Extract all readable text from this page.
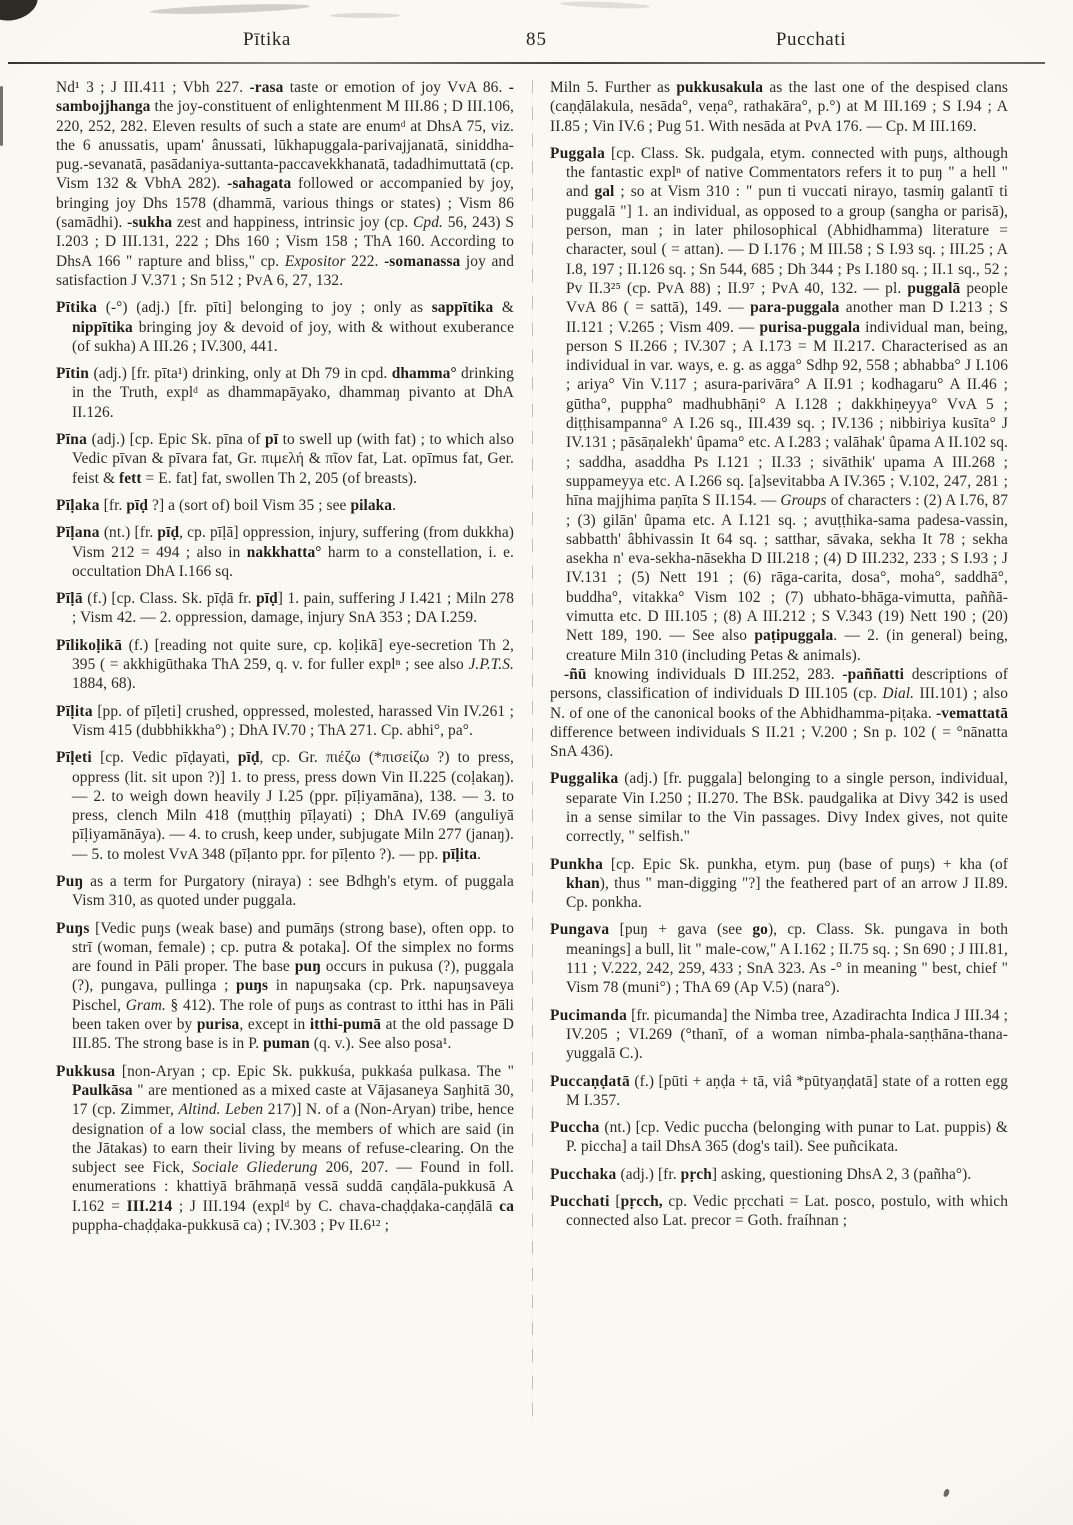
Pītika	85	Pucchati

Nd¹ 3 ; J III.411 ; Vbh 227. -rasa taste or emotion of joy VvA 86. -sambojjhanga the joy-constituent of enlightenment M III.86 ; D III.106, 220, 252, 282. Eleven results of such a state are enumᵈ at DhsA 75, viz. the 6 anussatis, upam' ânussati, lūkhapuggala-parivajjanatā, siniddha-pug.-sevanatā, pasādaniya-suttanta-paccavekkhanatā, tadadhimuttatā (cp. Vism 132 & VbhA 282). -sahagata followed or accompanied by joy, bringing joy Dhs 1578 (dhammā, various things or states) ; Vism 86 (samādhi). -sukha zest and happiness, intrinsic joy (cp. Cpd. 56, 243) S I.203 ; D III.131, 222 ; Dhs 160 ; Vism 158 ; ThA 160. According to DhsA 166 " rapture and bliss," cp. Expositor 222. -somanassa joy and satisfaction J V.371 ; Sn 512 ; PvA 6, 27, 132.

Pītika (-°) (adj.) [fr. pīti] belonging to joy ; only as sappītika & nippītika bringing joy & devoid of joy, with & without exuberance (of sukha) A III.26 ; IV.300, 441.

Pītin (adj.) [fr. pīta¹) drinking, only at Dh 79 in cpd. dhamma° drinking in the Truth, explᵈ as dhammapāyako, dhammaŋ pivanto at DhA II.126.

Pīna (adj.) [cp. Epic Sk. pīna of pī to swell up (with fat) ; to which also Vedic pīvan & pīvara fat, Gr. πιμελή & πῖον fat, Lat. opīmus fat, Ger. feist & fett = E. fat] fat, swollen Th 2, 205 (of breasts).

Pīḷaka [fr. pīḍ ?] a (sort of) boil Vism 35 ; see pilaka.

Pīḷana (nt.) [fr. pīḍ, cp. pīḷā] oppression, injury, suffering (from dukkha) Vism 212 = 494 ; also in nakkhatta° harm to a constellation, i. e. occultation DhA I.166 sq.

Pīḷā (f.) [cp. Class. Sk. pīḍā fr. pīḍ] 1. pain, suffering J I.421 ; Miln 278 ; Vism 42. — 2. oppression, damage, injury SnA 353 ; DA I.259.

Pīlikoḷikā (f.) [reading not quite sure, cp. koḷikā] eye-secretion Th 2, 395 ( = akkhigūthaka ThA 259, q. v. for fuller explⁿ ; see also J.P.T.S. 1884, 68).

Pīḷita [pp. of pīḷeti] crushed, oppressed, molested, harassed Vin IV.261 ; Vism 415 (dubbhikkha°) ; DhA IV.70 ; ThA 271. Cp. abhi°, pa°.

Pīḷeti [cp. Vedic pīḍayati, pīḍ, cp. Gr. πιέζω (*πισείζω ?) to press, oppress (lit. sit upon ?)] 1. to press, press down Vin II.225 (coḷakaŋ). — 2. to weigh down heavily J I.25 (ppr. pīḷiyamāna), 138. — 3. to press, clench Miln 418 (muṭṭhiŋ pīḷayati) ; DhA IV.69 (anguliyā pīḷiyamānāya). — 4. to crush, keep under, subjugate Miln 277 (janaŋ). — 5. to molest VvA 348 (pīḷanto ppr. for pīḷento ?). — pp. pīḷita.

Puŋ as a term for Purgatory (niraya) : see Bdhgh's etym. of puggala Vism 310, as quoted under puggala.

Puŋs [Vedic puŋs (weak base) and pumāŋs (strong base), often opp. to strī (woman, female) ; cp. putra & potaka]. Of the simplex no forms are found in Pāli proper. The base puŋ occurs in pukusa (?), puggala (?), pungava, pullinga ; puŋs in napuŋsaka (cp. Prk. napuŋsaveya Pischel, Gram. § 412). The role of puŋs as contrast to itthi has in Pāli been taken over by purisa, except in itthi-pumā at the old passage D III.85. The strong base is in P. puman (q. v.). See also posa¹.

Pukkusa [non-Aryan ; cp. Epic Sk. pukkuśa, pukkaśa pulkasa. The " Paulkāsa " are mentioned as a mixed caste at Vājasaneya Saŋhitā 30, 17 (cp. Zimmer, Altind. Leben 217)] N. of a (Non-Aryan) tribe, hence designation of a low social class, the members of which are said (in the Jātakas) to earn their living by means of refuse-clearing. On the subject see Fick, Sociale Gliederung 206, 207. — Found in foll. enumerations : khattiyā brāhmaṇā vessā suddā caṇḍāla-pukkusā A I.162 = III.214 ; J III.194 (explᵈ by C. chava-chaḍḍaka-caṇḍālā ca puppha-chaḍḍaka-pukkusā ca) ; IV.303 ; Pv II.6¹² ;

Miln 5. Further as pukkusakula as the last one of the despised clans (caṇḍālakula, nesāda°, veṇa°, rathakāra°, p.°) at M III.169 ; S I.94 ; A II.85 ; Vin IV.6 ; Pug 51. With nesāda at PvA 176. — Cp. M III.169.

Puggala [cp. Class. Sk. pudgala, etym. connected with puŋs, although the fantastic explⁿ of native Commentators refers it to puŋ " a hell " and gal ; so at Vism 310 : " pun ti vuccati nirayo, tasmiŋ galantī ti puggalā "] 1. an individual, as opposed to a group (sangha or parisā), person, man ; in later philosophical (Abhidhamma) literature = character, soul ( = attan). — D I.176 ; M III.58 ; S I.93 sq. ; III.25 ; A I.8, 197 ; II.126 sq. ; Sn 544, 685 ; Dh 344 ; Ps I.180 sq. ; II.1 sq., 52 ; Pv II.3²⁵ (cp. PvA 88) ; II.9⁷ ; PvA 40, 132. — pl. puggalā people VvA 86 ( = sattā), 149. — para-puggala another man D I.213 ; S II.121 ; V.265 ; Vism 409. — purisa-puggala individual man, being, person S II.266 ; IV.307 ; A I.173 = M II.217. Characterised as an individual in var. ways, e. g. as agga° Sdhp 92, 558 ; abhabba° J I.106 ; ariya° Vin V.117 ; asura-parivāra° A II.91 ; kodhagaru° A II.46 ; gūtha°, puppha° madhubhāṇi° A I.128 ; dakkhiṇeyya° VvA 5 ; diṭṭhisampanna° A I.26 sq., III.439 sq. ; IV.136 ; nibbiriya kusīta° J IV.131 ; pāsāṇalekh' ûpama° etc. A I.283 ; valāhak' ûpama A II.102 sq. ; saddha, asaddha Ps I.121 ; II.33 ; sivāthik' upama A III.268 ; suppameyya etc. A I.266 sq. [a]sevitabba A IV.365 ; V.102, 247, 281 ; hīna majjhima paṇīta S II.154. — Groups of characters : (2) A I.76, 87 ; (3) gilān' ûpama etc. A I.121 sq. ; avuṭṭhika-sama padesa-vassin, sabbatth' âbhivassin It 64 sq. ; satthar, sāvaka, sekha It 78 ; sekha asekha n' eva-sekha-nāsekha D III.218 ; (4) D III.232, 233 ; S I.93 ; J IV.131 ; (5) Nett 191 ; (6) rāga-carita, dosa°, moha°, saddhā°, buddha°, vitakka° Vism 102 ; (7) ubhato-bhāga-vimutta, paññā-vimutta etc. D III.105 ; (8) A III.212 ; S V.343 (19) Nett 190 ; (20) Nett 189, 190. — See also paṭipuggala. — 2. (in general) being, creature Miln 310 (including Petas & animals).

-ñū knowing individuals D III.252, 283. -paññatti descriptions of persons, classification of individuals D III.105 (cp. Dial. III.101) ; also N. of one of the canonical books of the Abhidhamma-piṭaka. -vemattatā difference between individuals S II.21 ; V.200 ; Sn p. 102 ( = °nānatta SnA 436).

Puggalika (adj.) [fr. puggala] belonging to a single person, individual, separate Vin I.250 ; II.270. The BSk. paudgalika at Divy 342 is used in a sense similar to the Vin passages. Divy Index gives, not quite correctly, " selfish."

Punkha [cp. Epic Sk. punkha, etym. puŋ (base of puŋs) + kha (of khan), thus " man-digging "?] the feathered part of an arrow J II.89. Cp. ponkha.

Pungava [puŋ + gava (see go), cp. Class. Sk. pungava in both meanings] a bull, lit " male-cow," A I.162 ; II.75 sq. ; Sn 690 ; J III.81, 111 ; V.222, 242, 259, 433 ; SnA 323. As -° in meaning " best, chief " Vism 78 (muni°) ; ThA 69 (Ap V.5) (nara°).

Pucimanda [fr. picumanda] the Nimba tree, Azadirachta Indica J III.34 ; IV.205 ; VI.269 (°thanī, of a woman nimba-phala-saṇṭhāna-thana-yuggalā C.).

Puccaṇḍatā (f.) [pūti + aṇḍa + tā, viâ *pūtyaṇḍatā] state of a rotten egg M I.357.

Puccha (nt.) [cp. Vedic puccha (belonging with punar to Lat. puppis) & P. piccha] a tail DhsA 365 (dog's tail). See puñcikata.

Pucchaka (adj.) [fr. pṛch] asking, questioning DhsA 2, 3 (pañha°).

Pucchati [pṛcch, cp. Vedic pṛcchati = Lat. posco, postulo, with which connected also Lat. precor = Goth. fraíhnan ;
